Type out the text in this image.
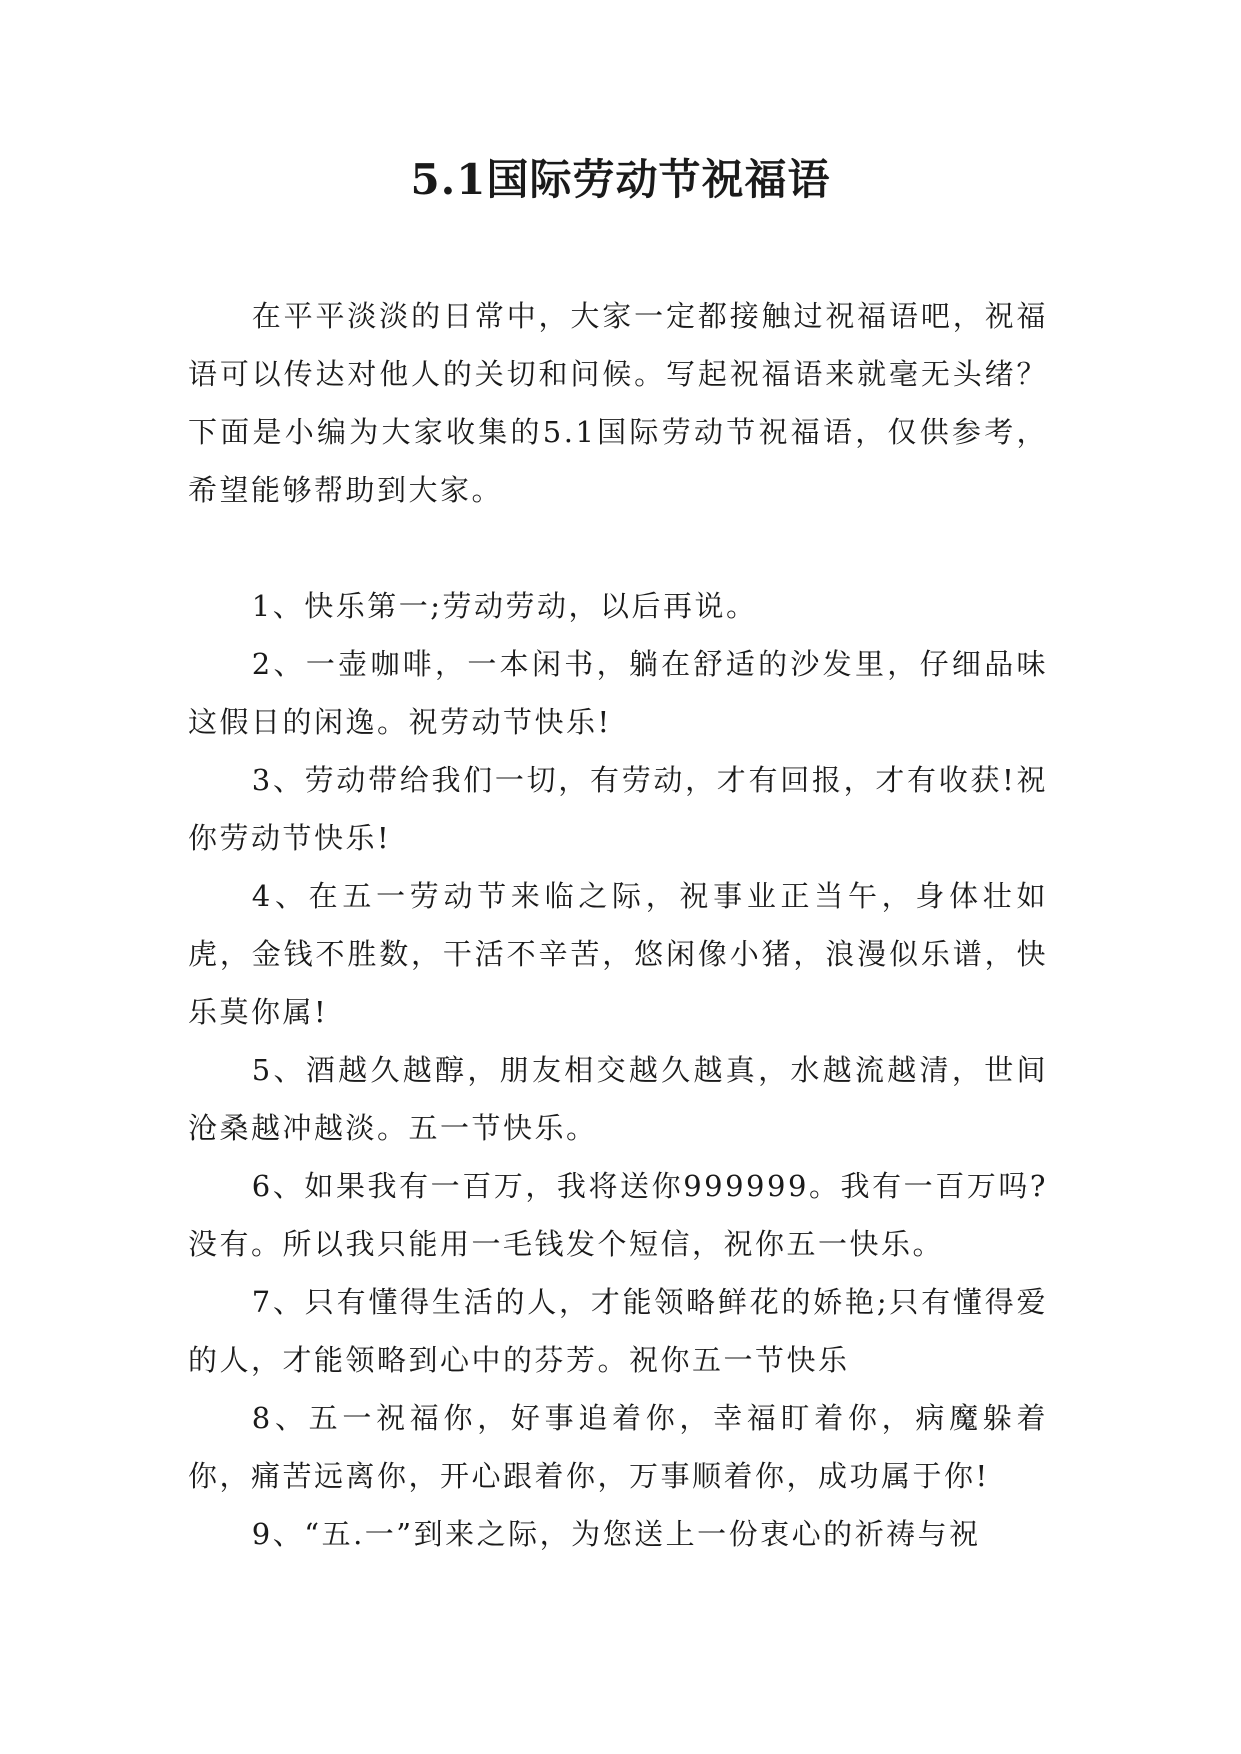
5.1国际劳动节祝福语

在平平淡淡的日常中，大家一定都接触过祝福语吧，祝福语可以传达对他人的关切和问候。写起祝福语来就毫无头绪？下面是小编为大家收集的5.1国际劳动节祝福语，仅供参考，希望能够帮助到大家。

1、快乐第一;劳动劳动，以后再说。

2、一壶咖啡，一本闲书，躺在舒适的沙发里，仔细品味这假日的闲逸。祝劳动节快乐!

3、劳动带给我们一切，有劳动，才有回报，才有收获!祝你劳动节快乐!

4、在五一劳动节来临之际，祝事业正当午，身体壮如虎，金钱不胜数，干活不辛苦，悠闲像小猪，浪漫似乐谱，快乐莫你属!

5、酒越久越醇，朋友相交越久越真，水越流越清，世间沧桑越冲越淡。五一节快乐。

6、如果我有一百万，我将送你999999。我有一百万吗?没有。所以我只能用一毛钱发个短信，祝你五一快乐。

7、只有懂得生活的人，才能领略鲜花的娇艳;只有懂得爱的人，才能领略到心中的芬芳。祝你五一节快乐

8、五一祝福你，好事追着你，幸福盯着你，病魔躲着你，痛苦远离你，开心跟着你，万事顺着你，成功属于你!

9、“五.一”到来之际，为您送上一份衷心的祈祷与祝
